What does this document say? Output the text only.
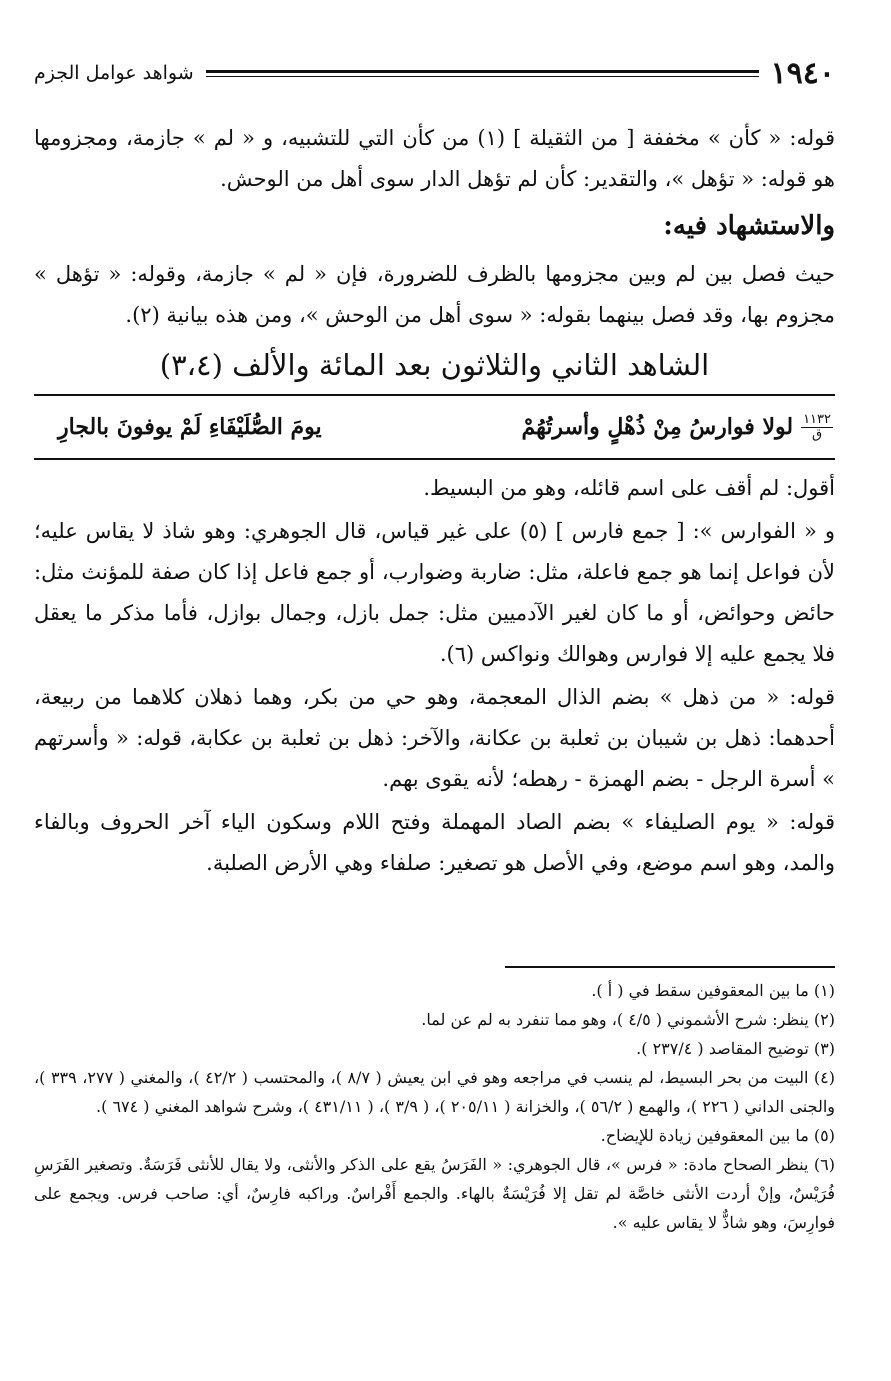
١٩٤٠
شواهد عوامل الجزم

قوله: « كأن » مخففة [ من الثقيلة ] (١) من كأن التي للتشبيه، و « لم » جازمة، ومجزومها هو قوله: « تؤهل »، والتقدير: كأن لم تؤهل الدار سوى أهل من الوحش.

والاستشهاد فيه:

حيث فصل بين لم وبين مجزومها بالظرف للضرورة، فإن « لم » جازمة، وقوله: « تؤهل » مجزوم بها، وقد فصل بينهما بقوله: « سوى أهل من الوحش »، ومن هذه بيانية (٢).

الشاهد الثاني والثلاثون بعد المائة والألف (٣،٤)
١١٣٢
ق
لولا فوارسُ مِنْ ذُهْلٍ وأسرتُهُمْ
يومَ الصُّلَيْفَاءِ لَمْ يوفونَ بالجارِ

أقول: لم أقف على اسم قائله، وهو من البسيط.

و « الفوارس »: [ جمع فارس ] (٥) على غير قياس، قال الجوهري: وهو شاذ لا يقاس عليه؛ لأن فواعل إنما هو جمع فاعلة، مثل: ضاربة وضوارب، أو جمع فاعل إذا كان صفة للمؤنث مثل: حائض وحوائض، أو ما كان لغير الآدميين مثل: جمل بازل، وجمال بوازل، فأما مذكر ما يعقل فلا يجمع عليه إلا فوارس وهوالك ونواكس (٦).

قوله: « من ذهل » بضم الذال المعجمة، وهو حي من بكر، وهما ذهلان كلاهما من ربيعة، أحدهما: ذهل بن شيبان بن ثعلبة بن عكانة، والآخر: ذهل بن ثعلبة بن عكابة، قوله: « وأسرتهم » أسرة الرجل - بضم الهمزة - رهطه؛ لأنه يقوى بهم.

قوله: « يوم الصليفاء » بضم الصاد المهملة وفتح اللام وسكون الياء آخر الحروف وبالفاء والمد، وهو اسم موضع، وفي الأصل هو تصغير: صلفاء وهي الأرض الصلبة.

(١) ما بين المعقوفين سقط في ( أ ).

(٢) ينظر: شرح الأشموني ( ٤/٥ )، وهو مما تنفرد به لم عن لما.

(٣) توضيح المقاصد ( ٢٣٧/٤ ).

(٤) البيت من بحر البسيط، لم ينسب في مراجعه وهو في ابن يعيش ( ٨/٧ )، والمحتسب ( ٤٢/٢ )، والمغني ( ٢٧٧، ٣٣٩ )، والجنى الداني ( ٢٢٦ )، والهمع ( ٥٦/٢ )، والخزانة ( ٢٠٥/١١ )، ( ٣/٩ )، ( ٤٣١/١١ )، وشرح شواهد المغني ( ٦٧٤ ).

(٥) ما بين المعقوفين زيادة للإيضاح.

(٦) ينظر الصحاح مادة: « فرس »، قال الجوهري: « الفَرَسُ يقع على الذكر والأنثى، ولا يقال للأنثى فَرَسَةٌ. وتصغير الفَرَسِ فُرَيْسٌ، وإنْ أردت الأنثى خاصَّة لم تقل إلا فُرَيْسَةٌ بالهاء. والجمع أَفْراسٌ. وراكبه فارِسٌ، أي: صاحب فرس. ويجمع على فوارِسَ، وهو شاذٌّ لا يقاس عليه ».
